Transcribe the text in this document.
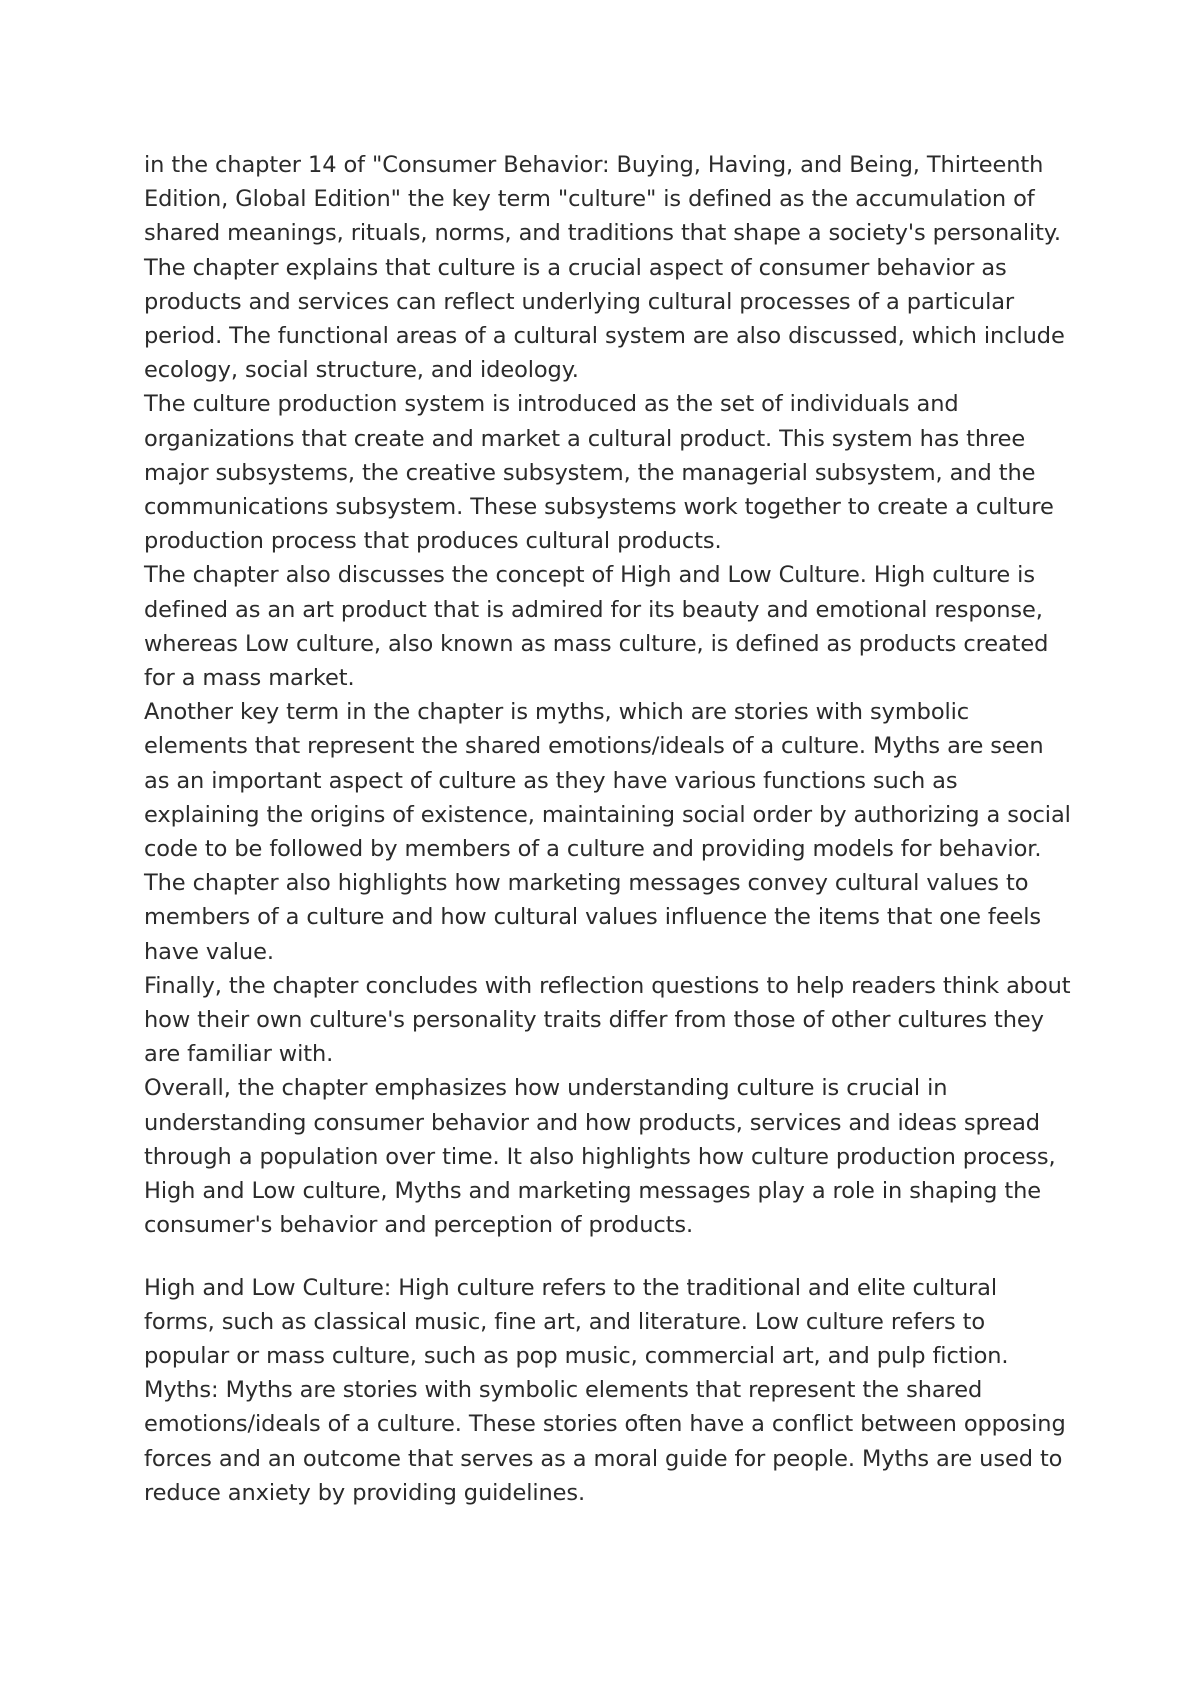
in the chapter 14 of "Consumer Behavior: Buying, Having, and Being, Thirteenth Edition, Global Edition" the key term "culture" is defined as the accumulation of shared meanings, rituals, norms, and traditions that shape a society's personality. The chapter explains that culture is a crucial aspect of consumer behavior as products and services can reflect underlying cultural processes of a particular period. The functional areas of a cultural system are also discussed, which include ecology, social structure, and ideology.

The culture production system is introduced as the set of individuals and organizations that create and market a cultural product. This system has three major subsystems, the creative subsystem, the managerial subsystem, and the communications subsystem. These subsystems work together to create a culture production process that produces cultural products.

The chapter also discusses the concept of High and Low Culture. High culture is defined as an art product that is admired for its beauty and emotional response, whereas Low culture, also known as mass culture, is defined as products created for a mass market.

Another key term in the chapter is myths, which are stories with symbolic elements that represent the shared emotions/ideals of a culture. Myths are seen as an important aspect of culture as they have various functions such as explaining the origins of existence, maintaining social order by authorizing a social code to be followed by members of a culture and providing models for behavior.

The chapter also highlights how marketing messages convey cultural values to members of a culture and how cultural values influence the items that one feels have value.

Finally, the chapter concludes with reflection questions to help readers think about how their own culture's personality traits differ from those of other cultures they are familiar with.

Overall, the chapter emphasizes how understanding culture is crucial in understanding consumer behavior and how products, services and ideas spread through a population over time. It also highlights how culture production process, High and Low culture, Myths and marketing messages play a role in shaping the consumer's behavior and perception of products.

High and Low Culture: High culture refers to the traditional and elite cultural forms, such as classical music, fine art, and literature. Low culture refers to popular or mass culture, such as pop music, commercial art, and pulp fiction.

Myths: Myths are stories with symbolic elements that represent the shared emotions/ideals of a culture. These stories often have a conflict between opposing forces and an outcome that serves as a moral guide for people. Myths are used to reduce anxiety by providing guidelines.
